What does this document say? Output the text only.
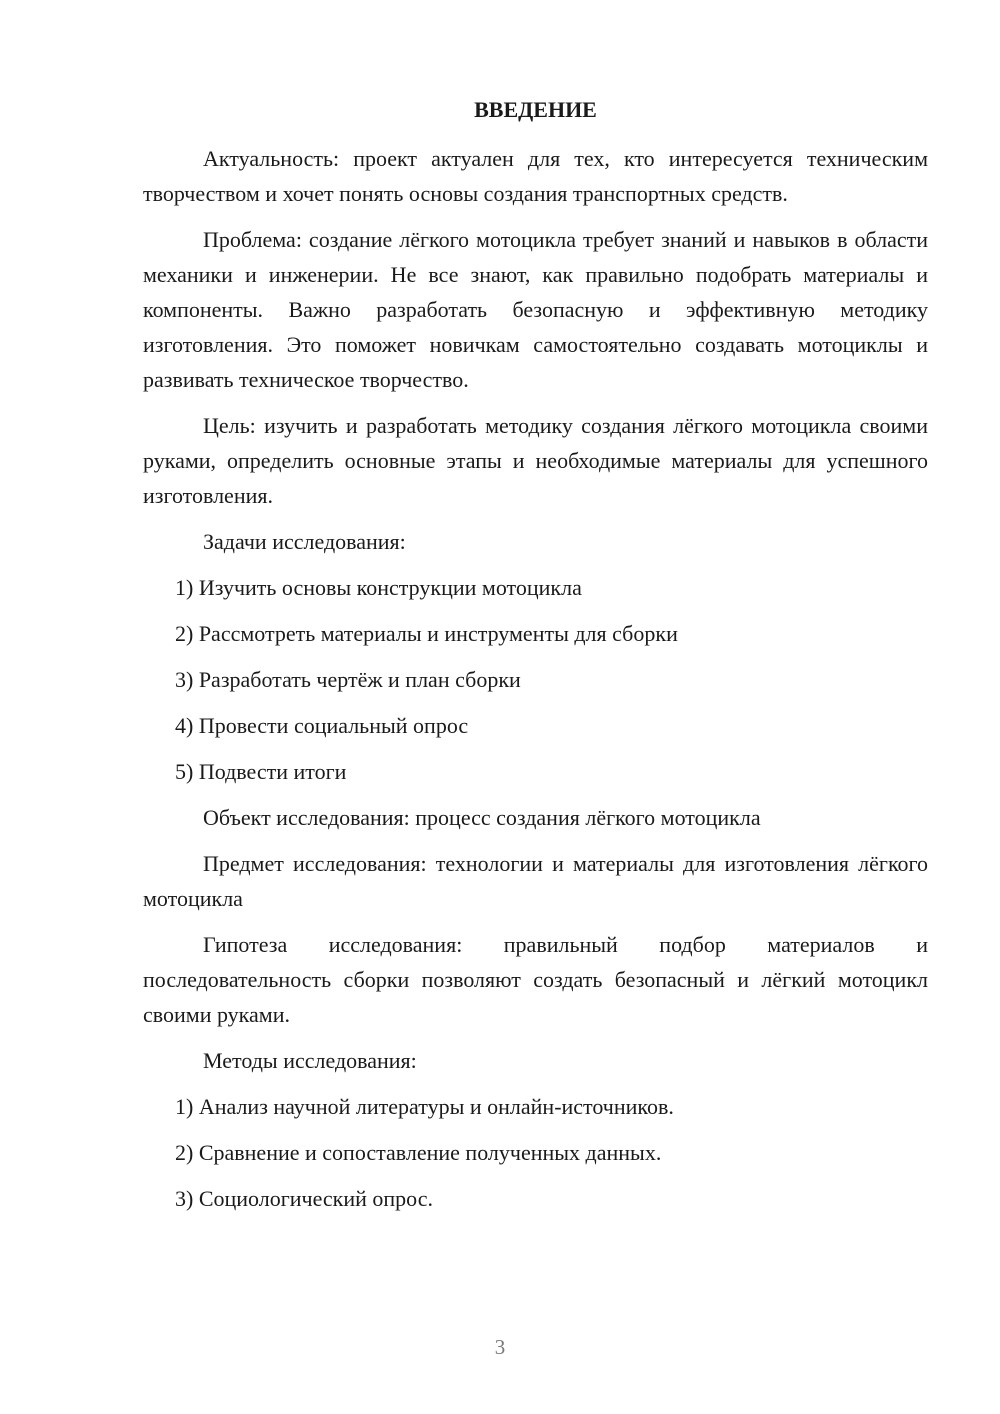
ВВЕДЕНИЕ

Актуальность: проект актуален для тех, кто интересуется техническим творчеством и хочет понять основы создания транспортных средств.

Проблема: создание лёгкого мотоцикла требует знаний и навыков в области механики и инженерии. Не все знают, как правильно подобрать материалы и компоненты. Важно разработать безопасную и эффективную методику изготовления. Это поможет новичкам самостоятельно создавать мотоциклы и развивать техническое творчество.

Цель: изучить и разработать методику создания лёгкого мотоцикла своими руками, определить основные этапы и необходимые материалы для успешного изготовления.

Задачи исследования:

1) Изучить основы конструкции мотоцикла

2) Рассмотреть материалы и инструменты для сборки

3) Разработать чертёж и план сборки

4) Провести социальный опрос

5) Подвести итоги

Объект исследования: процесс создания лёгкого мотоцикла

Предмет исследования: технологии и материалы для изготовления лёгкого мотоцикла

Гипотеза исследования: правильный подбор материалов и последовательность сборки позволяют создать безопасный и лёгкий мотоцикл своими руками.

Методы исследования:

1) Анализ научной литературы и онлайн-источников.

2) Сравнение и сопоставление полученных данных.

3) Социологический опрос.

3
